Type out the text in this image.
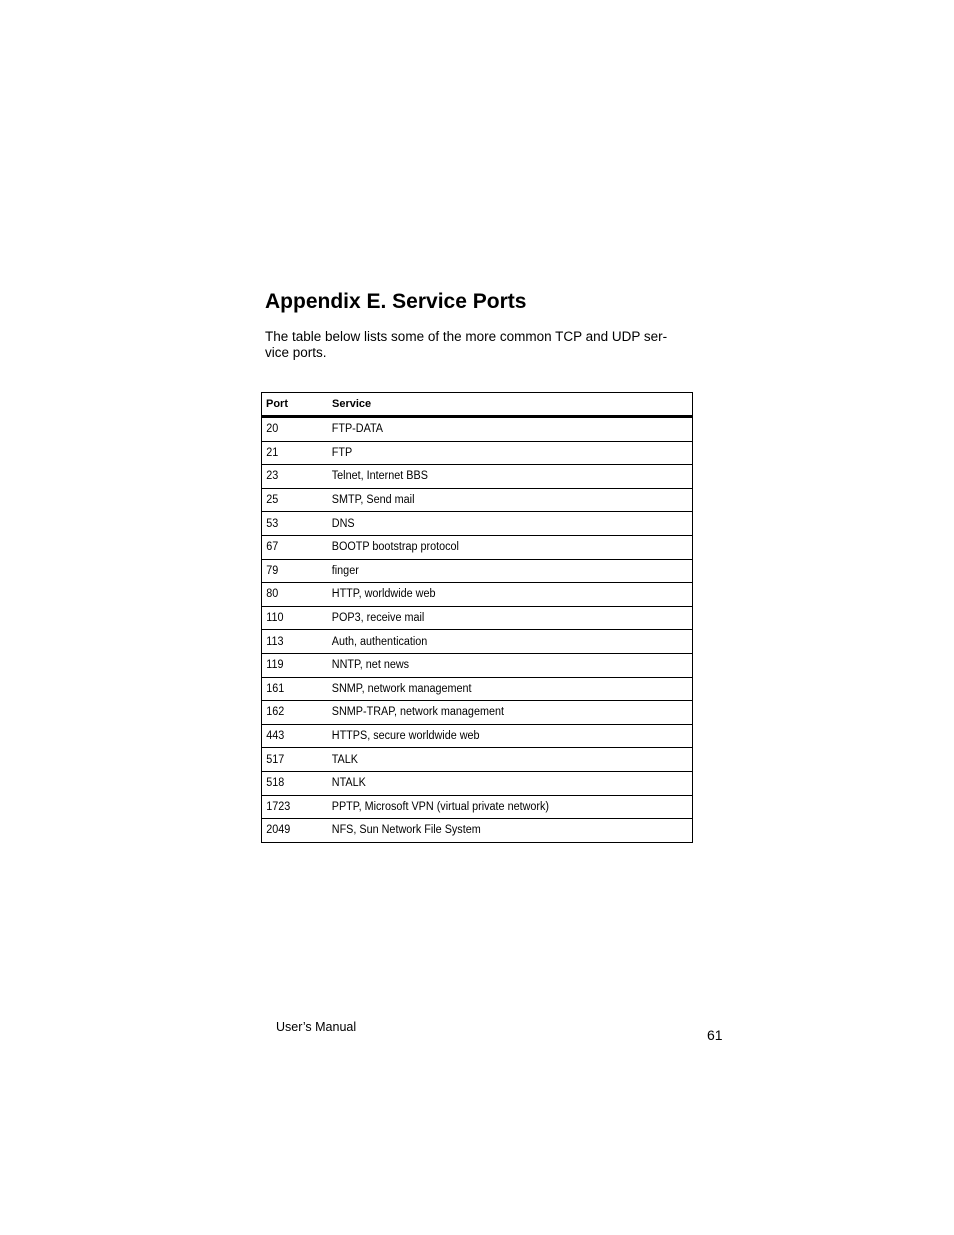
Appendix E. Service Ports

The table below lists some of the more common TCP and UDP ser-
vice ports.

Port	Service
20	FTP-DATA
21	FTP
23	Telnet, Internet BBS
25	SMTP, Send mail
53	DNS
67	BOOTP bootstrap protocol
79	finger
80	HTTP, worldwide web
110	POP3, receive mail
113	Auth, authentication
119	NNTP, net news
161	SNMP, network management
162	SNMP-TRAP, network management
443	HTTPS, secure worldwide web
517	TALK
518	NTALK
1723	PPTP, Microsoft VPN (virtual private network)
2049	NFS, Sun Network File System
User’s Manual	61
